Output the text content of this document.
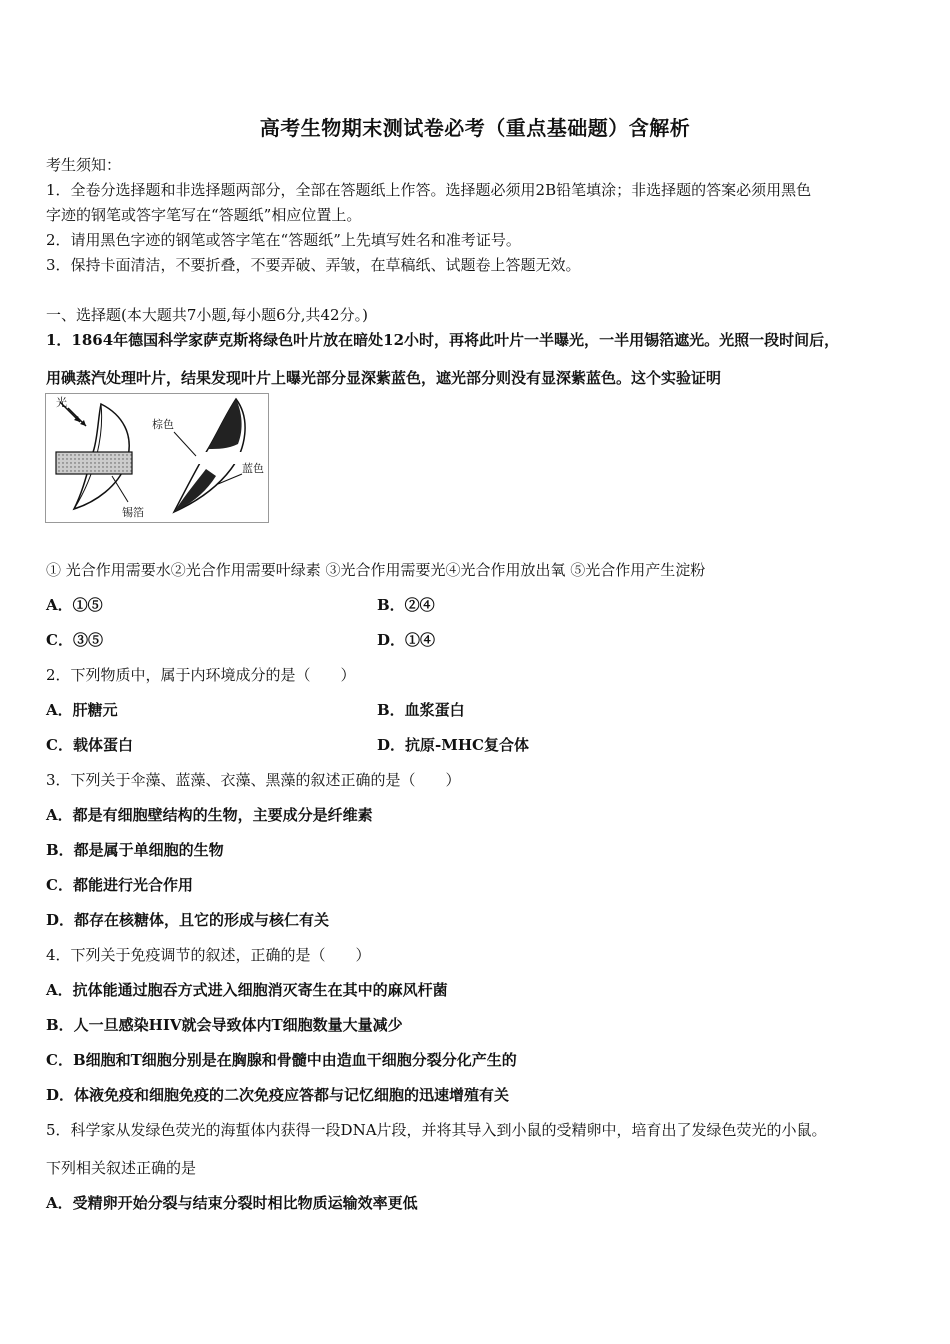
高考生物期末测试卷必考（重点基础题）含解析
考生须知：
1．全卷分选择题和非选择题两部分，全部在答题纸上作答。选择题必须用2B铅笔填涂；非选择题的答案必须用黑色
字迹的钢笔或答字笔写在“答题纸”相应位置上。
2．请用黑色字迹的钢笔或答字笔在“答题纸”上先填写姓名和准考证号。
3．保持卡面清洁，不要折叠，不要弄破、弄皱，在草稿纸、试题卷上答题无效。
一、选择题(本大题共7小题,每小题6分,共42分。)
1．1864年德国科学家萨克斯将绿色叶片放在暗处12小时，再将此叶片一半曝光，一半用锡箔遮光。光照一段时间后，
用碘蒸汽处理叶片，结果发现叶片上曝光部分显深紫蓝色，遮光部分则没有显深紫蓝色。这个实验证明
光
锡箔
棕色
蓝色
① 光合作用需要水②光合作用需要叶绿素 ③光合作用需要光④光合作用放出氧 ⑤光合作用产生淀粉
A．①⑤	B．②④
C．③⑤	D．①④
2．下列物质中，属于内环境成分的是（　　）
A．肝糖元	B．血浆蛋白
C．载体蛋白	D．抗原-MHC复合体
3．下列关于伞藻、蓝藻、衣藻、黑藻的叙述正确的是（　　）
A．都是有细胞壁结构的生物，主要成分是纤维素
B．都是属于单细胞的生物
C．都能进行光合作用
D．都存在核糖体，且它的形成与核仁有关
4．下列关于免疫调节的叙述，正确的是（　　）
A．抗体能通过胞吞方式进入细胞消灭寄生在其中的麻风杆菌
B．人一旦感染HIV就会导致体内T细胞数量大量减少
C．B细胞和T细胞分别是在胸腺和骨髓中由造血干细胞分裂分化产生的
D．体液免疫和细胞免疫的二次免疫应答都与记忆细胞的迅速增殖有关
5．科学家从发绿色荧光的海蜇体内获得一段DNA片段，并将其导入到小鼠的受精卵中，培育出了发绿色荧光的小鼠。
下列相关叙述正确的是
A．受精卵开始分裂与结束分裂时相比物质运输效率更低
